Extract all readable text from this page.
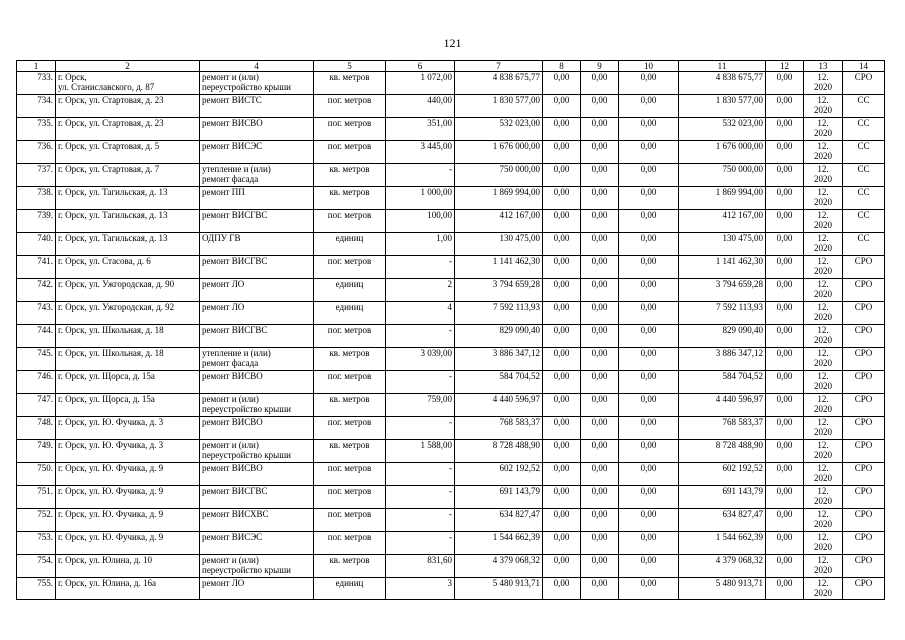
121
1	2	4	5	6	7	8	9	10	11	12	13	14
733.	г. Орск,
ул. Станиславского, д. 87	ремонт и (или)
переустройство крыши	кв. метров	1 072,00	4 838 675,77	0,00	0,00	0,00	4 838 675,77	0,00	12.
2020	СРО
734.	г. Орск, ул. Стартовая, д. 23	ремонт ВИСТС	пог. метров	440,00	1 830 577,00	0,00	0,00	0,00	1 830 577,00	0,00	12.
2020	СС
735.	г. Орск, ул. Стартовая, д. 23	ремонт ВИСВО	пог. метров	351,00	532 023,00	0,00	0,00	0,00	532 023,00	0,00	12.
2020	СС
736.	г. Орск, ул. Стартовая, д. 5	ремонт ВИСЭС	пог. метров	3 445,00	1 676 000,00	0,00	0,00	0,00	1 676 000,00	0,00	12.
2020	СС
737.	г. Орск, ул. Стартовая, д. 7	утепление и (или)
ремонт фасада	кв. метров	-	750 000,00	0,00	0,00	0,00	750 000,00	0,00	12.
2020	СС
738.	г. Орск, ул. Тагильская, д. 13	ремонт ПП	кв. метров	1 000,00	1 869 994,00	0,00	0,00	0,00	1 869 994,00	0,00	12.
2020	СС
739.	г. Орск, ул. Тагильская, д. 13	ремонт ВИСГВС	пог. метров	100,00	412 167,00	0,00	0,00	0,00	412 167,00	0,00	12.
2020	СС
740.	г. Орск, ул. Тагильская, д. 13	ОДПУ ГВ	единиц	1,00	130 475,00	0,00	0,00	0,00	130 475,00	0,00	12.
2020	СС
741.	г. Орск, ул. Стасова, д. 6	ремонт ВИСГВС	пог. метров	-	1 141 462,30	0,00	0,00	0,00	1 141 462,30	0,00	12.
2020	СРО
742.	г. Орск, ул. Ужгородская, д. 90	ремонт ЛО	единиц	2	3 794 659,28	0,00	0,00	0,00	3 794 659,28	0,00	12.
2020	СРО
743.	г. Орск, ул. Ужгородская, д. 92	ремонт ЛО	единиц	4	7 592 113,93	0,00	0,00	0,00	7 592 113,93	0,00	12.
2020	СРО
744.	г. Орск, ул. Школьная, д. 18	ремонт ВИСГВС	пог. метров	-	829 090,40	0,00	0,00	0,00	829 090,40	0,00	12.
2020	СРО
745.	г. Орск, ул. Школьная, д. 18	утепление и (или)
ремонт фасада	кв. метров	3 039,00	3 886 347,12	0,00	0,00	0,00	3 886 347,12	0,00	12.
2020	СРО
746.	г. Орск, ул. Щорса, д. 15а	ремонт ВИСВО	пог. метров	-	584 704,52	0,00	0,00	0,00	584 704,52	0,00	12.
2020	СРО
747.	г. Орск, ул. Щорса, д. 15а	ремонт и (или)
переустройство крыши	кв. метров	759,00	4 440 596,97	0,00	0,00	0,00	4 440 596,97	0,00	12.
2020	СРО
748.	г. Орск, ул. Ю. Фучика, д. 3	ремонт ВИСВО	пог. метров	-	768 583,37	0,00	0,00	0,00	768 583,37	0,00	12.
2020	СРО
749.	г. Орск, ул. Ю. Фучика, д. 3	ремонт и (или)
переустройство крыши	кв. метров	1 588,00	8 728 488,90	0,00	0,00	0,00	8 728 488,90	0,00	12.
2020	СРО
750.	г. Орск, ул. Ю. Фучика, д. 9	ремонт ВИСВО	пог. метров	-	602 192,52	0,00	0,00	0,00	602 192,52	0,00	12.
2020	СРО
751.	г. Орск, ул. Ю. Фучика, д. 9	ремонт ВИСГВС	пог. метров	-	691 143,79	0,00	0,00	0,00	691 143,79	0,00	12.
2020	СРО
752.	г. Орск, ул. Ю. Фучика, д. 9	ремонт ВИСХВС	пог. метров	-	634 827,47	0,00	0,00	0,00	634 827,47	0,00	12.
2020	СРО
753.	г. Орск, ул. Ю. Фучика, д. 9	ремонт ВИСЭС	пог. метров	-	1 544 662,39	0,00	0,00	0,00	1 544 662,39	0,00	12.
2020	СРО
754.	г. Орск, ул. Юлина, д. 10	ремонт и (или)
переустройство крыши	кв. метров	831,60	4 379 068,32	0,00	0,00	0,00	4 379 068,32	0,00	12.
2020	СРО
755.	г. Орск, ул. Юлина, д. 16а	ремонт ЛО	единиц	3	5 480 913,71	0,00	0,00	0,00	5 480 913,71	0,00	12.
2020	СРО
